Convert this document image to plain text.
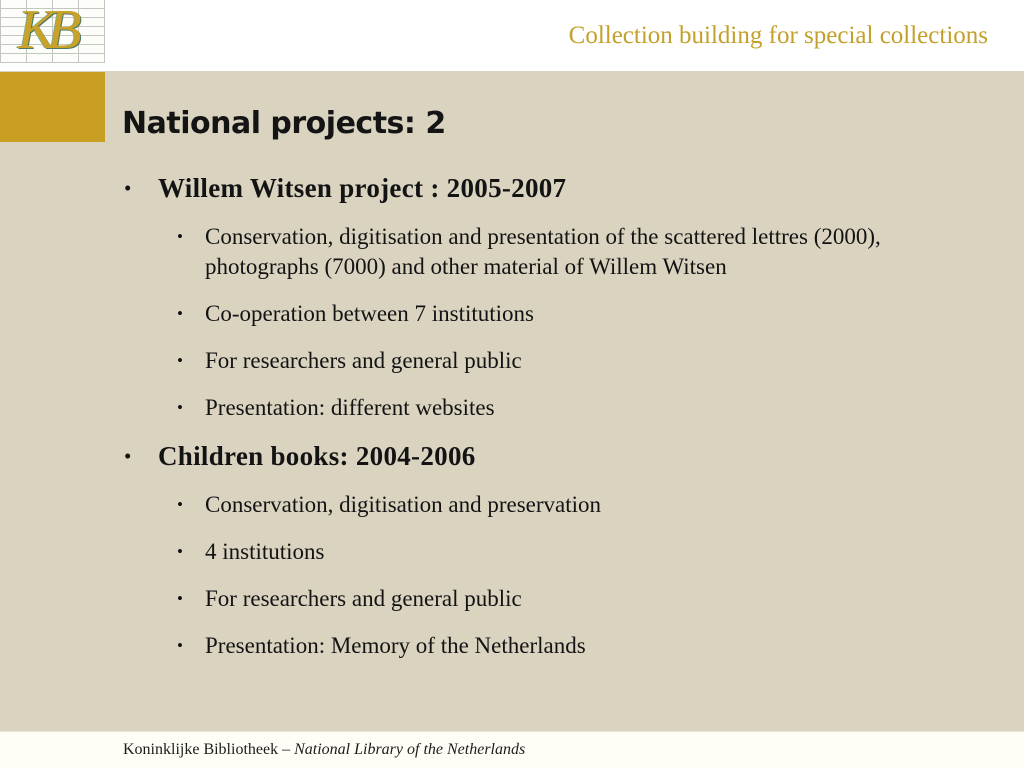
KB	Collection building for special collections
National projects: 2
• Willem Witsen project : 2005-2007
• Conservation, digitisation and presentation of the scattered lettres (2000), photographs (7000) and other material of Willem Witsen
• Co-operation between 7 institutions
• For researchers and general public
• Presentation: different websites
• Children books: 2004-2006
• Conservation, digitisation and preservation
• 4 institutions
• For researchers and general public
• Presentation: Memory of the Netherlands
Koninklijke Bibliotheek – National Library of the Netherlands
